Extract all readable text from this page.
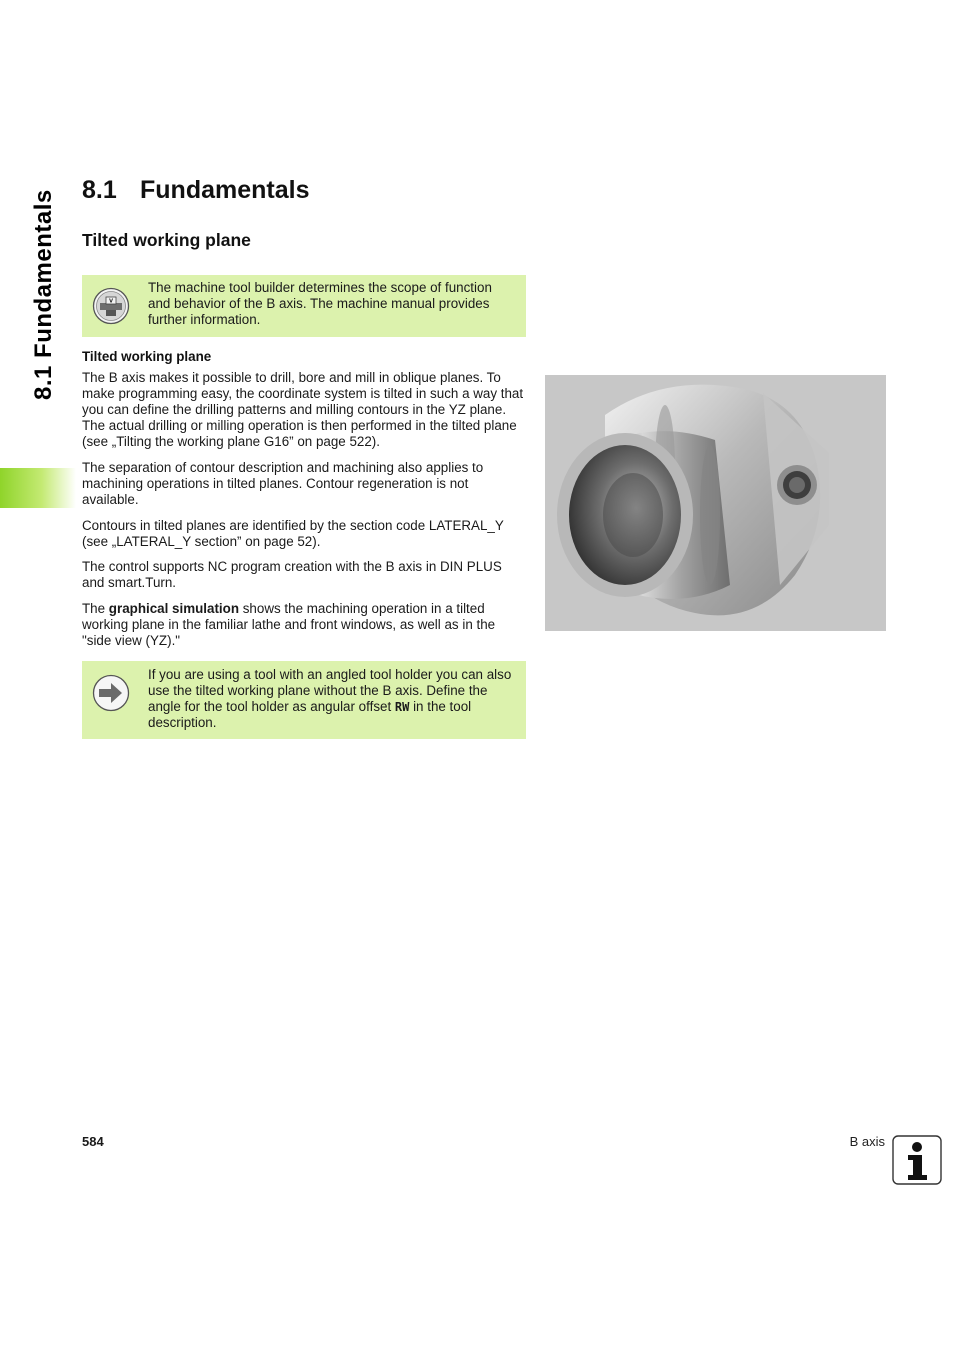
8.1 Fundamentals 8.1 Fundamentals
Tilted working plane
V
The machine tool builder determines the scope of function and behavior of the B axis. The machine manual provides further information.
Tilted working plane

The B axis makes it possible to drill, bore and mill in oblique planes. To make programming easy, the coordinate system is tilted in such a way that you can define the drilling patterns and milling contours in the YZ plane. The actual drilling or milling operation is then performed in the tilted plane (see „Tilting the working plane G16” on page 522).

The separation of contour description and machining also applies to machining operations in tilted planes. Contour regeneration is not available.

Contours in tilted planes are identified by the section code LATERAL_Y (see „LATERAL_Y section” on page 52).

The control supports NC program creation with the B axis in DIN PLUS and smart.Turn.

The graphical simulation shows the machining operation in a tilted working plane in the familiar lathe and front windows, as well as in the "side view (YZ)."

If you are using a tool with an angled tool holder you can also use the tilted working plane without the B axis. Define the angle for the tool holder as angular offset RW in the tool description.
584	B axis
